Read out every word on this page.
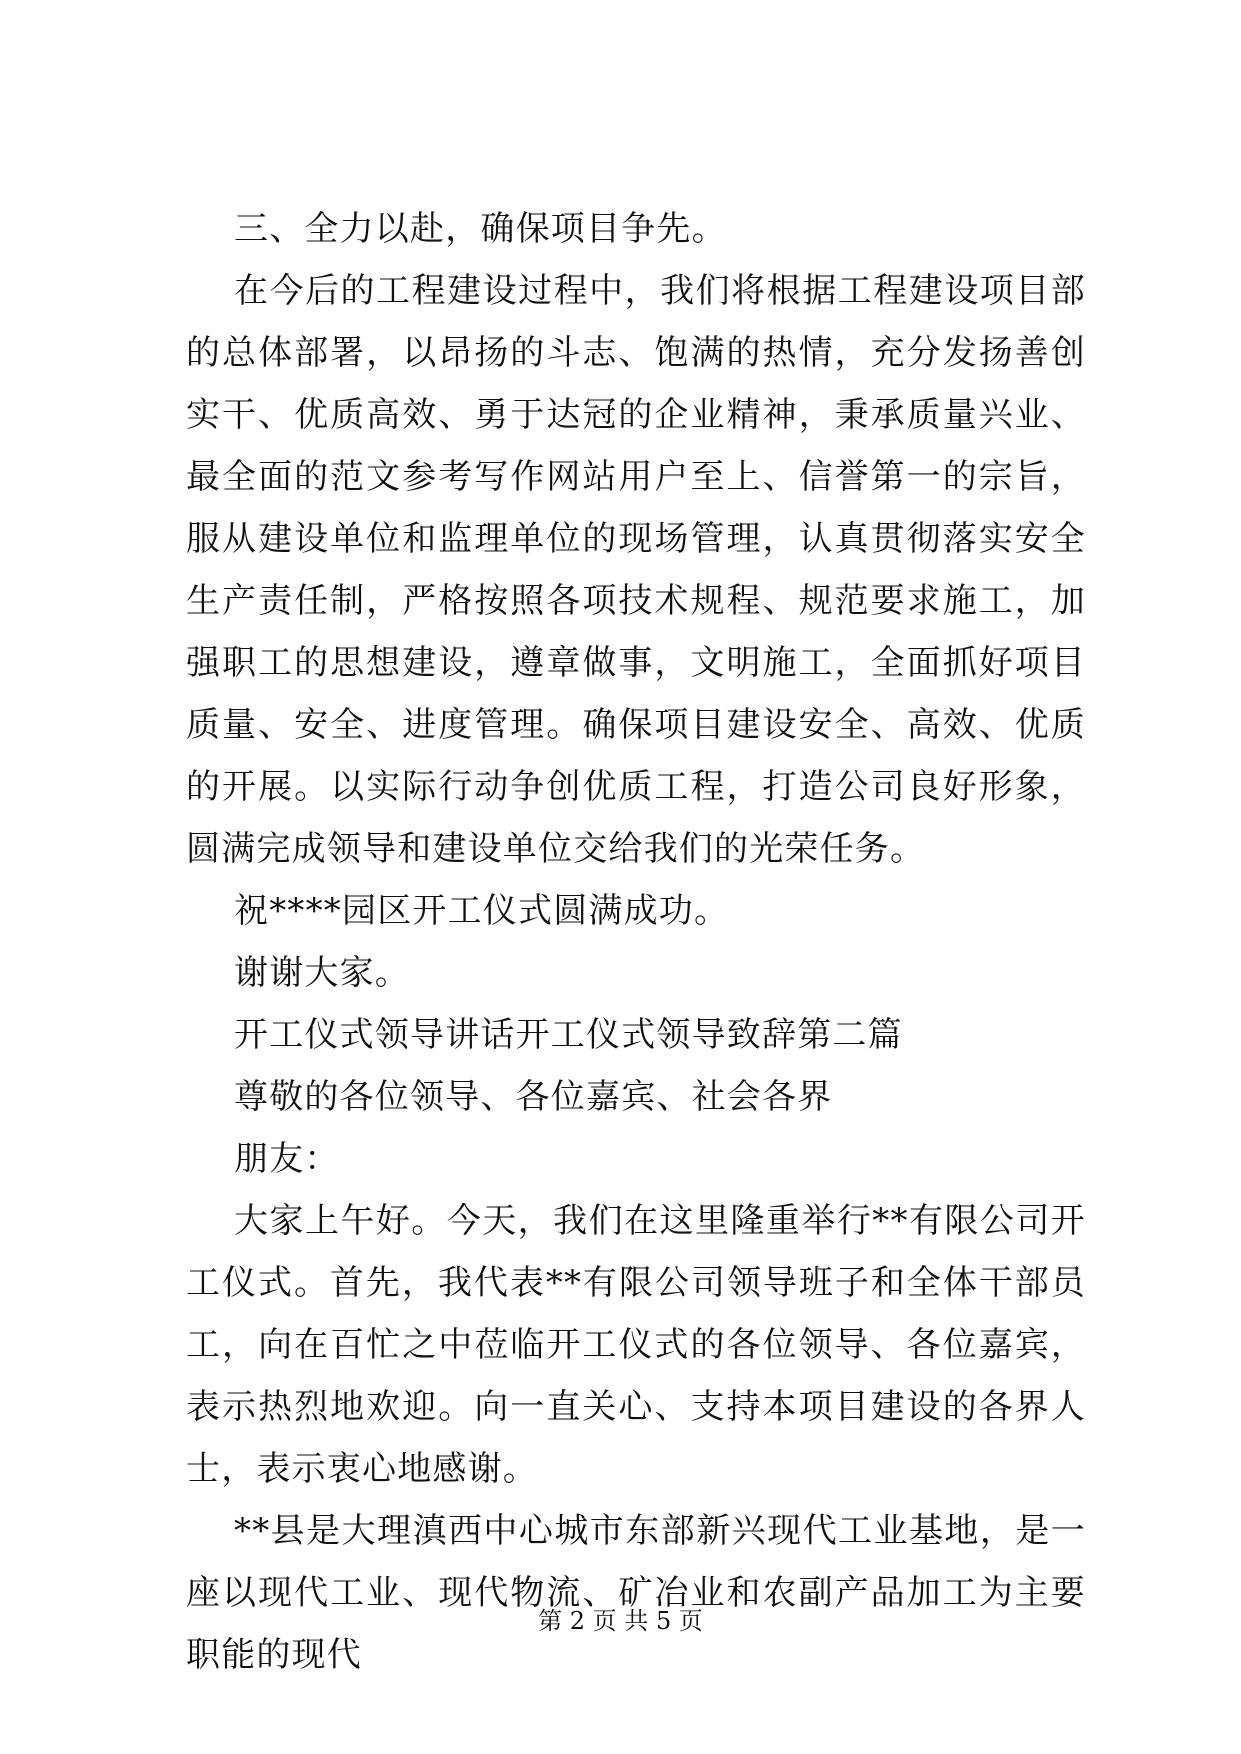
三、全力以赴，确保项目争先。

在今后的工程建设过程中，我们将根据工程建设项目部的总体部署，以昂扬的斗志、饱满的热情，充分发扬善创实干、优质高效、勇于达冠的企业精神，秉承质量兴业、最全面的范文参考写作网站用户至上、信誉第一的宗旨，服从建设单位和监理单位的现场管理，认真贯彻落实安全生产责任制，严格按照各项技术规程、规范要求施工，加强职工的思想建设，遵章做事，文明施工，全面抓好项目质量、安全、进度管理。确保项目建设安全、高效、优质的开展。以实际行动争创优质工程，打造公司良好形象，圆满完成领导和建设单位交给我们的光荣任务。

祝****园区开工仪式圆满成功。

谢谢大家。

开工仪式领导讲话开工仪式领导致辞第二篇

尊敬的各位领导、各位嘉宾、社会各界

朋友：

大家上午好。今天，我们在这里隆重举行**有限公司开工仪式。首先，我代表**有限公司领导班子和全体干部员工，向在百忙之中莅临开工仪式的各位领导、各位嘉宾，表示热烈地欢迎。向一直关心、支持本项目建设的各界人士，表示衷心地感谢。

**县是大理滇西中心城市东部新兴现代工业基地，是一座以现代工业、现代物流、矿冶业和农副产品加工为主要职能的现代

第 2 页 共 5 页
